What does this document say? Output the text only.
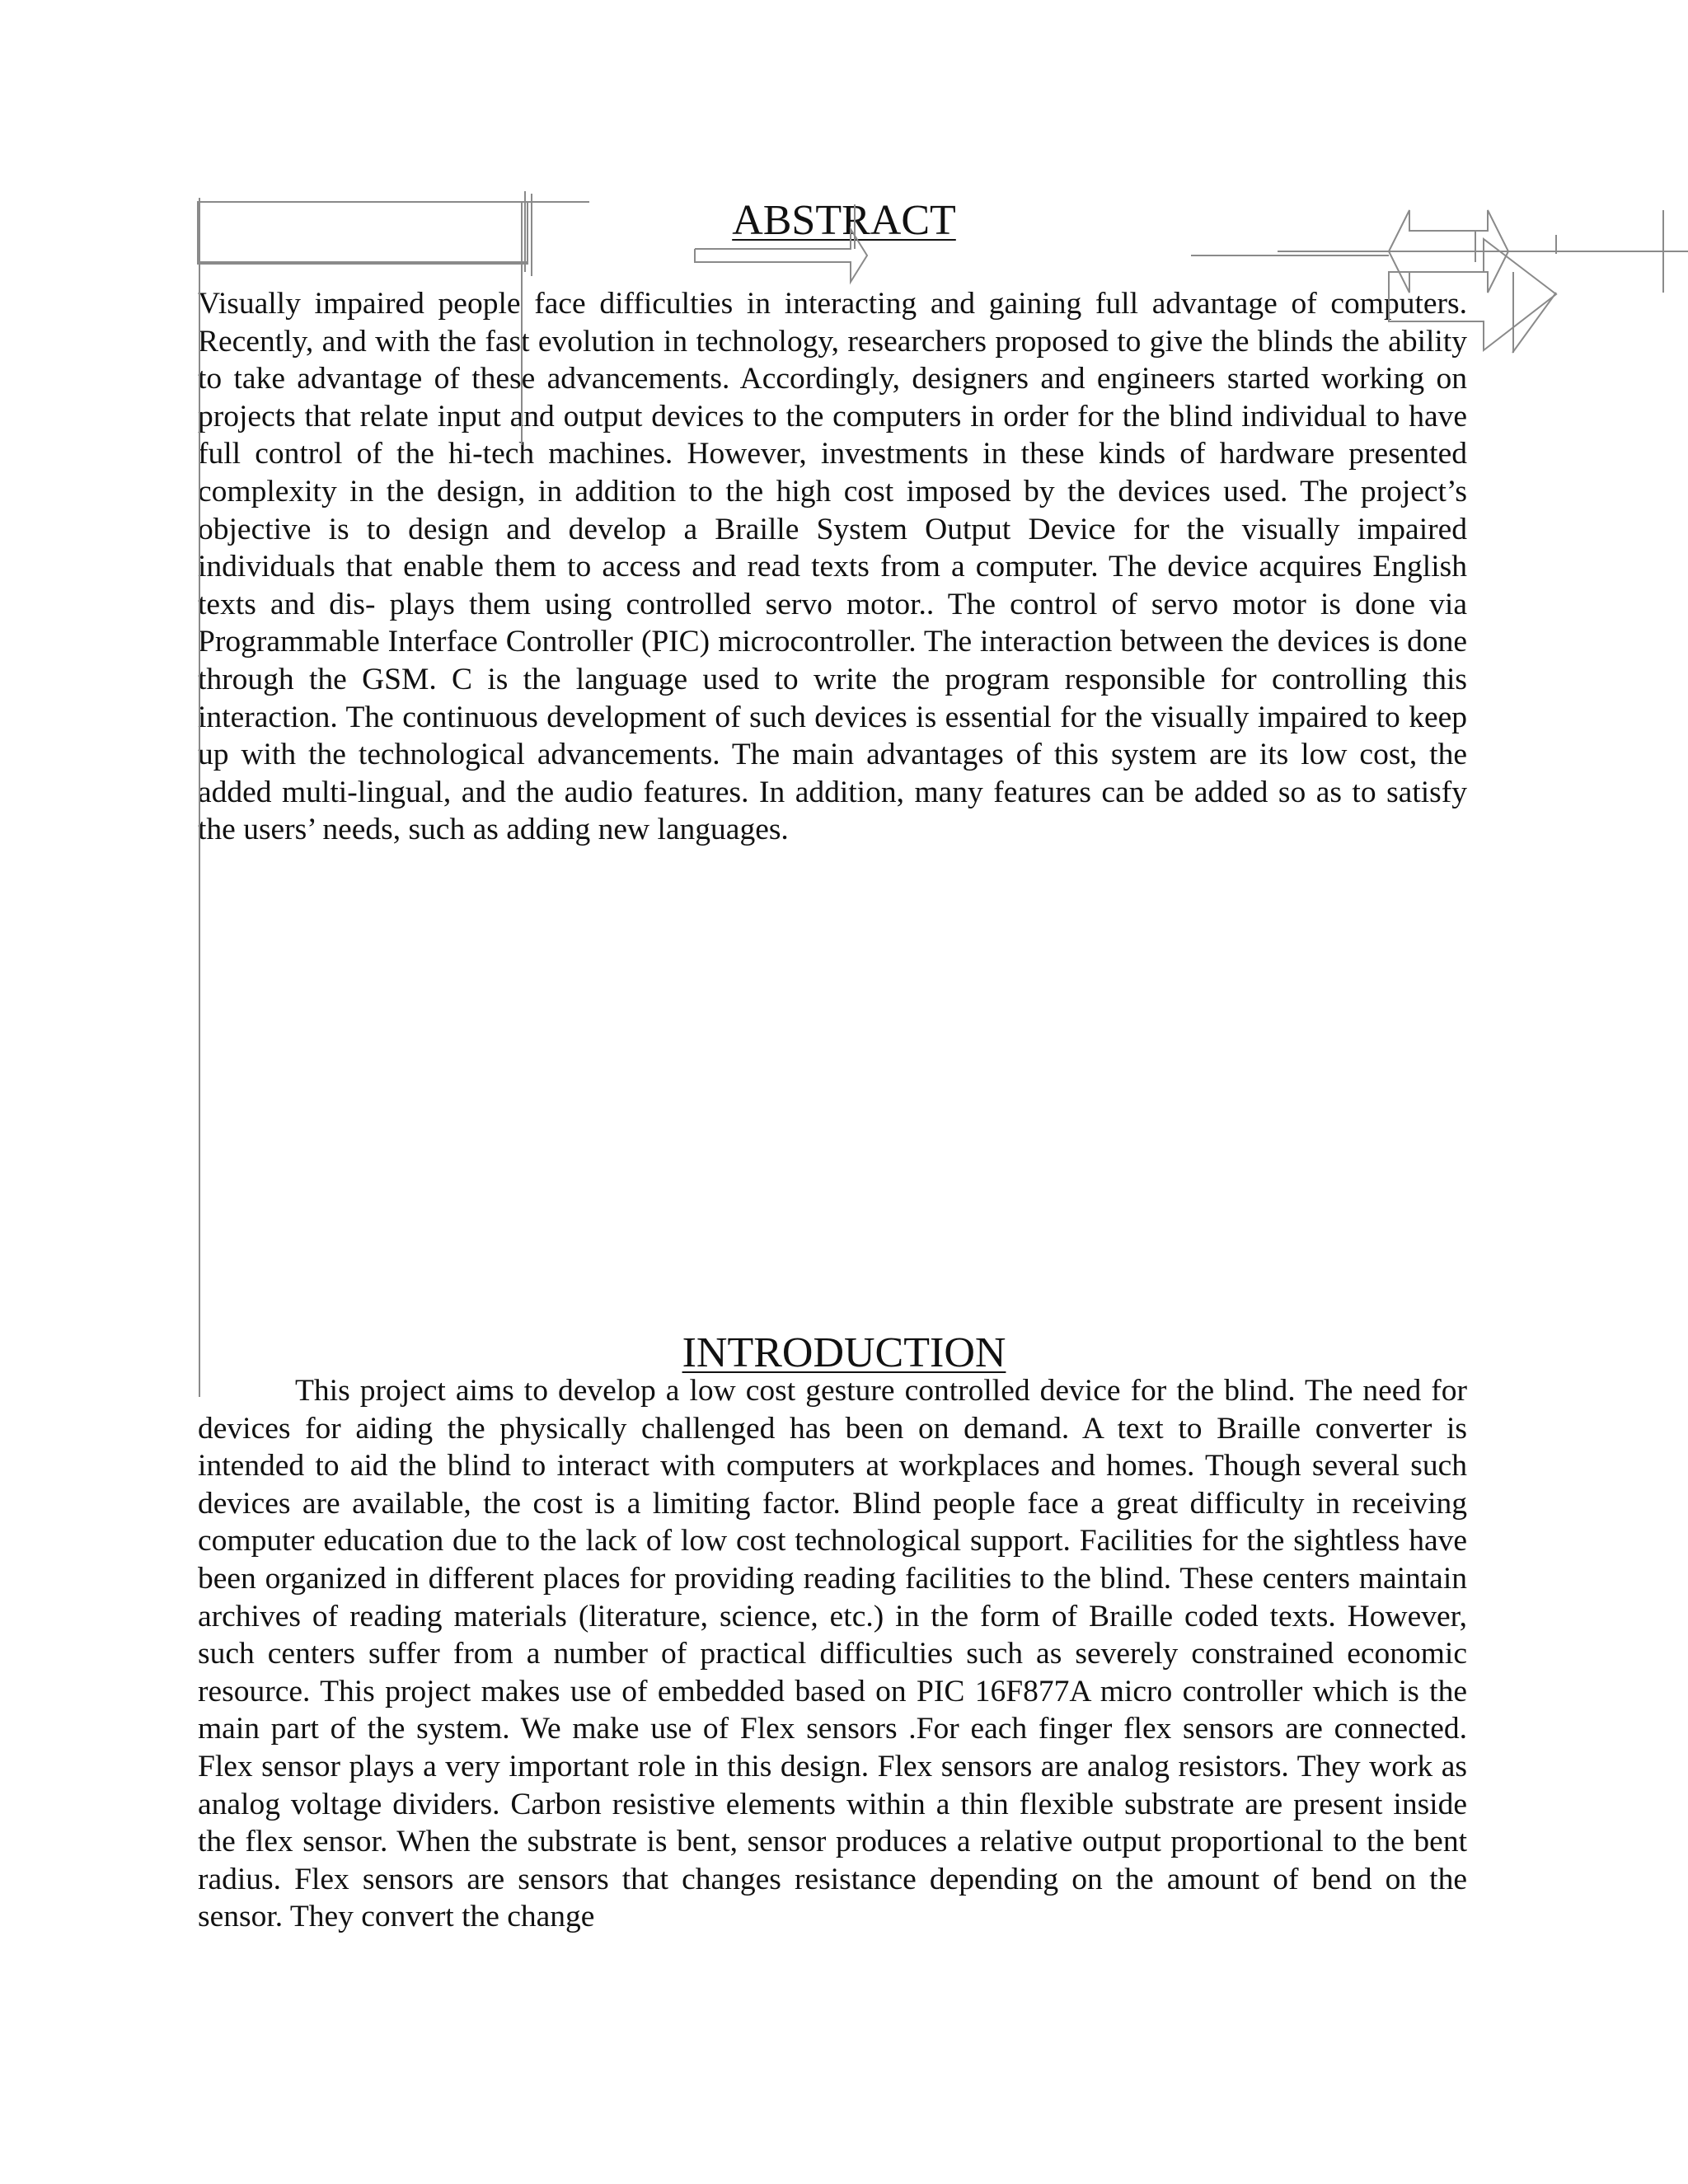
ABSTRACT

Visually impaired people face difficulties in interacting and gaining full advantage of computers. Recently, and with the fast evolution in technology, researchers proposed to give the blinds the ability to take advantage of these advancements. Accordingly, designers and engineers started working on projects that relate input and output devices to the computers in order for the blind individual to have full control of the hi-tech machines. However, investments in these kinds of hardware presented complexity in the design, in addition to the high cost imposed by the devices used. The project’s objective is to design and develop a Braille System Output Device for the visually impaired individuals that enable them to access and read texts from a computer. The device acquires English texts and dis- plays them using controlled servo motor.. The control of servo motor is done via Programmable Interface Controller (PIC) microcontroller. The interaction between the devices is done through the GSM. C is the language used to write the program responsible for controlling this interaction. The continuous development of such devices is essential for the visually impaired to keep up with the technological advancements. The main advantages of this system are its low cost, the added multi-lingual, and the audio features. In addition, many features can be added so as to satisfy the users’ needs, such as adding new languages.

INTRODUCTION

This project aims to develop a low cost gesture controlled device for the blind. The need for devices for aiding the physically challenged has been on demand. A text to Braille converter is intended to aid the blind to interact with computers at workplaces and homes. Though several such devices are available, the cost is a limiting factor. Blind people face a great difficulty in receiving computer education due to the lack of low cost technological support. Facilities for the sightless have been organized in different places for providing reading facilities to the blind. These centers maintain archives of reading materials (literature, science, etc.) in the form of Braille coded texts. However, such centers suffer from a number of practical difficulties such as severely constrained economic resource. This project makes use of embedded based on PIC 16F877A micro controller which is the main part of the system. We make use of Flex sensors .For each finger flex sensors are connected. Flex sensor plays a very important role in this design. Flex sensors are analog resistors. They work as analog voltage dividers. Carbon resistive elements within a thin flexible substrate are present inside the flex sensor. When the substrate is bent, sensor produces a relative output proportional to the bent radius. Flex sensors are sensors that changes resistance depending on the amount of bend on the sensor. They convert the change
